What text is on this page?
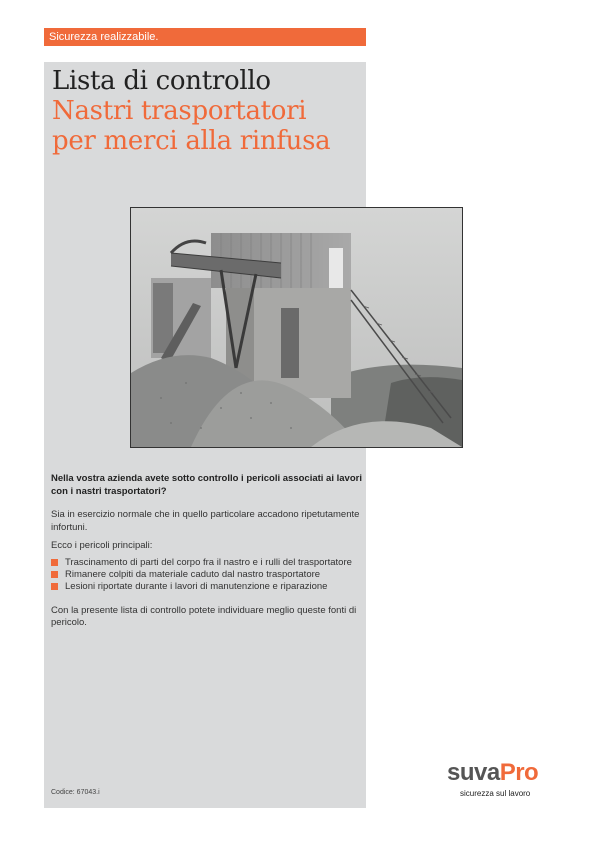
Sicurezza realizzabile.
Lista di controllo
Nastri trasportatori
per merci alla rinfusa

Nella vostra azienda avete sotto controllo i pericoli associati ai lavori con i nastri trasportatori?

Sia in esercizio normale che in quello particolare accadono ripetutamente infortuni.

Ecco i pericoli principali:

Trascinamento di parti del corpo fra il nastro e i rulli del trasportatore
Rimanere colpiti da materiale caduto dal nastro trasportatore
Lesioni riportate durante i lavori di manutenzione e riparazione

Con la presente lista di controllo potete individuare meglio queste fonti di pericolo.

Codice: 67043.i
suvaPro
sicurezza sul lavoro
